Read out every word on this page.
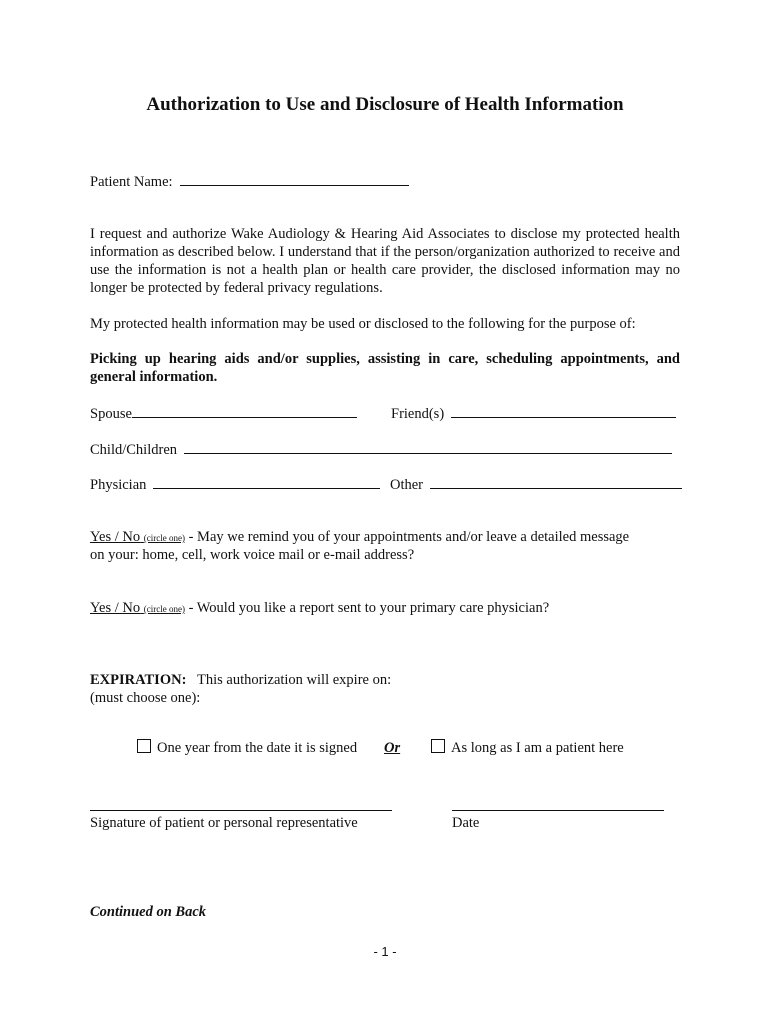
Authorization to Use and Disclosure of Health Information
Patient Name:
I request and authorize Wake Audiology & Hearing Aid Associates to disclose my protected health information as described below. I understand that if the person/organization authorized to receive and use the information is not a health plan or health care provider, the disclosed information may no longer be protected by federal privacy regulations.
My protected health information may be used or disclosed to the following for the purpose of:
Picking up hearing aids and/or supplies, assisting in care, scheduling appointments, and general information.
Spouse	Friend(s)
Child/Children
Physician	Other
Yes / No (circle one) - May we remind you of your appointments and/or leave a detailed message
on your: home, cell, work voice mail or e-mail address?
Yes / No (circle one) - Would you like a report sent to your primary care physician?
EXPIRATION: This authorization will expire on:
(must choose one):
One year from the date it is signed Or	As long as I am a patient here
Signature of patient or personal representative	Date
Continued on Back
- 1 -
